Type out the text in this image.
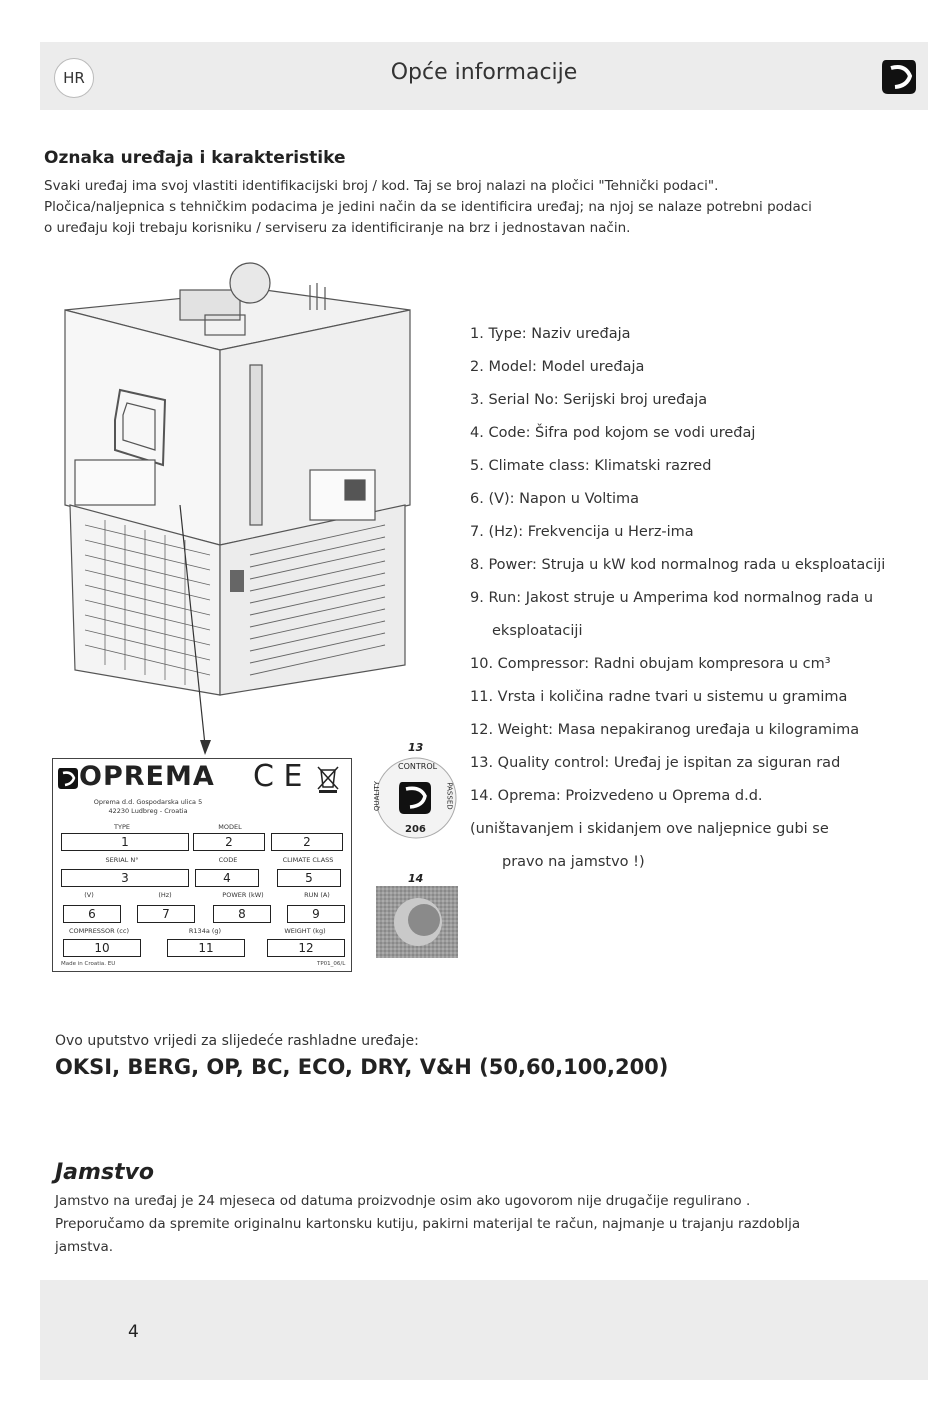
HR	Opće informacije
Oznaka uređaja i karakteristike
Svaki uređaj ima svoj vlastiti identifikacijski broj / kod. Taj se broj nalazi na pločici "Tehnički podaci".
Pločica/naljepnica s tehničkim podacima je jedini način da se identificira uređaj; na njoj se nalaze potrebni podaci
o uređaju koji trebaju korisniku / serviseru za identificiranje na brz i jednostavan način.
1. Type: Naziv uređaja
2. Model: Model uređaja
3. Serial No: Serijski broj uređaja
4. Code: Šifra pod kojom se vodi uređaj
5. Climate class: Klimatski razred
6. (V): Napon u Voltima
7. (Hz): Frekvencija u Herz-ima
8. Power: Struja u kW kod normalnog rada u eksploataciji
9. Run: Jakost struje u Amperima kod normalnog rada u
eksploataciji
10. Compressor: Radni obujam kompresora u cm³
11. Vrsta i količina radne tvari u sistemu u gramima
12. Weight: Masa nepakiranog uređaja u kilogramima
13. Quality control: Uređaj je ispitan za siguran rad
14. Oprema: Proizvedeno u Oprema d.d.
(uništavanjem i skidanjem ove naljepnice gubi se
pravo na jamstvo !)
OPREMA C E
Oprema d.d. Gospodarska ulica 5
42230 Ludbreg - Croatia
TYPE	MODEL
1	2	2
SERIAL N°	CODE	CLIMATE CLASS
3	4	5
(V)	(Hz)	POWER (kW)	RUN (A)
6	7	8	9
COMPRESSOR (cc)	R134a (g)	WEIGHT (kg)
10	11	12
Made in Croatia. EU	TP01_06/L
13
CONTROL
QUALITY	PASSED
206
14
Ovo uputstvo vrijedi za slijedeće rashladne uređaje:
OKSI, BERG, OP, BC, ECO, DRY, V&H (50,60,100,200)
Jamstvo
Jamstvo na uređaj je 24 mjeseca od datuma proizvodnje osim ako ugovorom nije drugačije regulirano .
Preporučamo da spremite originalnu kartonsku kutiju, pakirni materijal te račun, najmanje u trajanju razdoblja
jamstva.
4
